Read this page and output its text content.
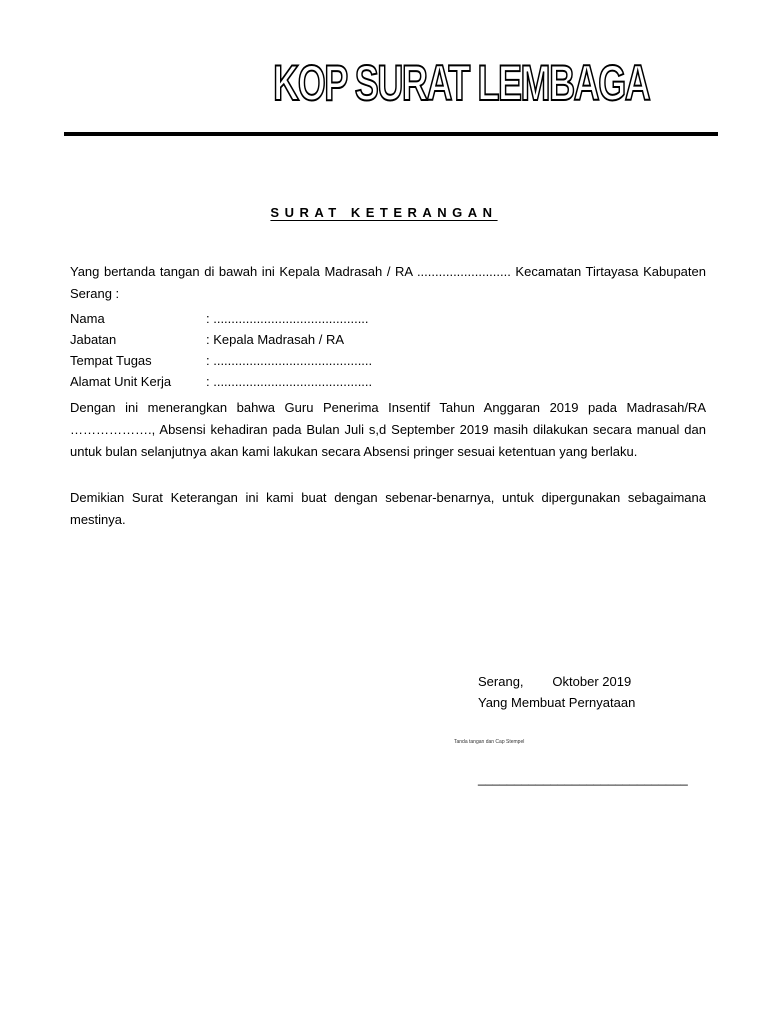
KOP SURAT LEMBAGA
SURAT KETERANGAN
Yang bertanda tangan di bawah ini Kepala Madrasah / RA .......................... Kecamatan Tirtayasa Kabupaten Serang :
Nama	: ...........................................
Jabatan	: Kepala Madrasah / RA
Tempat Tugas	: ............................................
Alamat Unit Kerja	: ............................................
Dengan ini menerangkan bahwa Guru Penerima Insentif Tahun Anggaran 2019 pada Madrasah/RA ………………., Absensi kehadiran pada Bulan Juli s,d September 2019 masih dilakukan secara manual dan untuk bulan selanjutnya akan kami lakukan secara Absensi pringer sesuai ketentuan yang berlaku.
Demikian Surat Keterangan ini kami buat dengan sebenar-benarnya, untuk dipergunakan sebagaimana mestinya.
Serang,        Oktober 2019
Yang Membuat Pernyataan
Tanda tangan dan Cap Stempel
_____________________________
